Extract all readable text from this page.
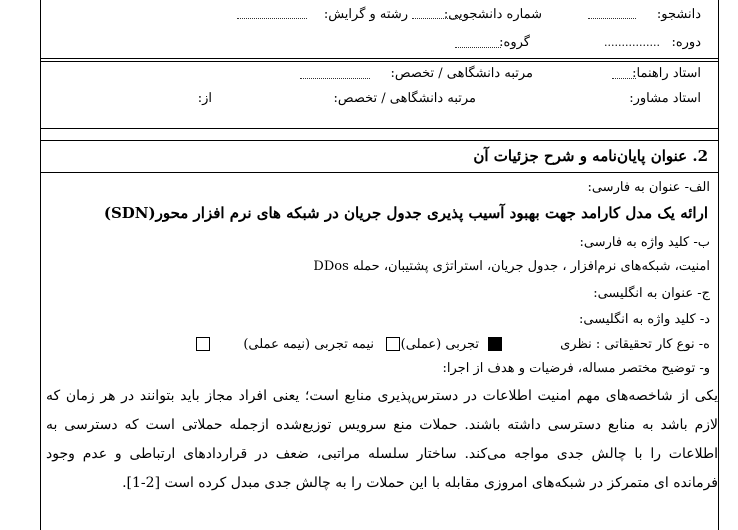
دانشجو:
شماره دانشجویی:
رشته و گرایش:
دوره:
................
گروه:
استاد راهنما:
مرتبه دانشگاهی / تخصص:
استاد مشاور:
مرتبه دانشگاهی / تخصص:
از:
2. عنوان پایان‌نامه و شرح جزئیات آن
الف- عنوان به فارسی:
ارائه یک مدل کارامد جهت بهبود آسیب پذیری جدول جریان در شبکه های نرم افزار محور(SDN)
ب- کلید واژه به فارسی:
امنیت، شبکه‌های نرم‌افزار ، جدول جریان، استراتژی پشتیبان، حمله DDos
ج- عنوان به انگلیسی:
د- کلید واژه به انگلیسی:
ه- نوع کار تحقیقاتی : نظری
تجربی (عملی)
نیمه تجربی (نیمه عملی)
و- توضیح مختصر مساله، فرضیات و هدف از اجرا:
یکی از شاخصه‌های مهم امنیت اطلاعات در دسترس‌پذیری منابع است؛ یعنی افراد مجاز باید بتوانند در هر زمان که
لازم باشد به منابع دسترسی داشته باشند. حملات منع سرویس توزیع‌شده ازجمله حملاتی است که دسترسی به
اطلاعات را با چالش جدی مواجه می‌کند. ساختار سلسله مراتبی، ضعف در قراردادهای ارتباطی و عدم وجود
فرمانده ای متمرکز در شبکه‌های امروزی مقابله با این حملات را به چالش جدی مبدل کرده است [2-1].
